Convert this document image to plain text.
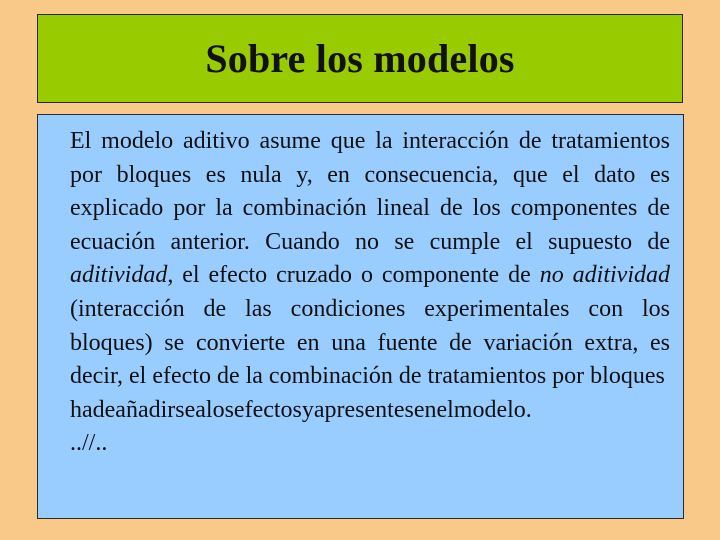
Sobre los modelos

El modelo aditivo asume que la interacción de tratamientos por bloques es nula y, en consecuencia, que el dato es explicado por la combinación lineal de los componentes de ecuación anterior. Cuando no se cumple el supuesto de aditividad, el efecto cruzado o componente de no aditividad (interacción de las condiciones experimentales con los bloques) se convierte en una fuente de variación extra, es decir, el efecto de la combinación de tratamientos por bloques
hadeañadirsealosefectosyapresentesenelmodelo.
..//..
